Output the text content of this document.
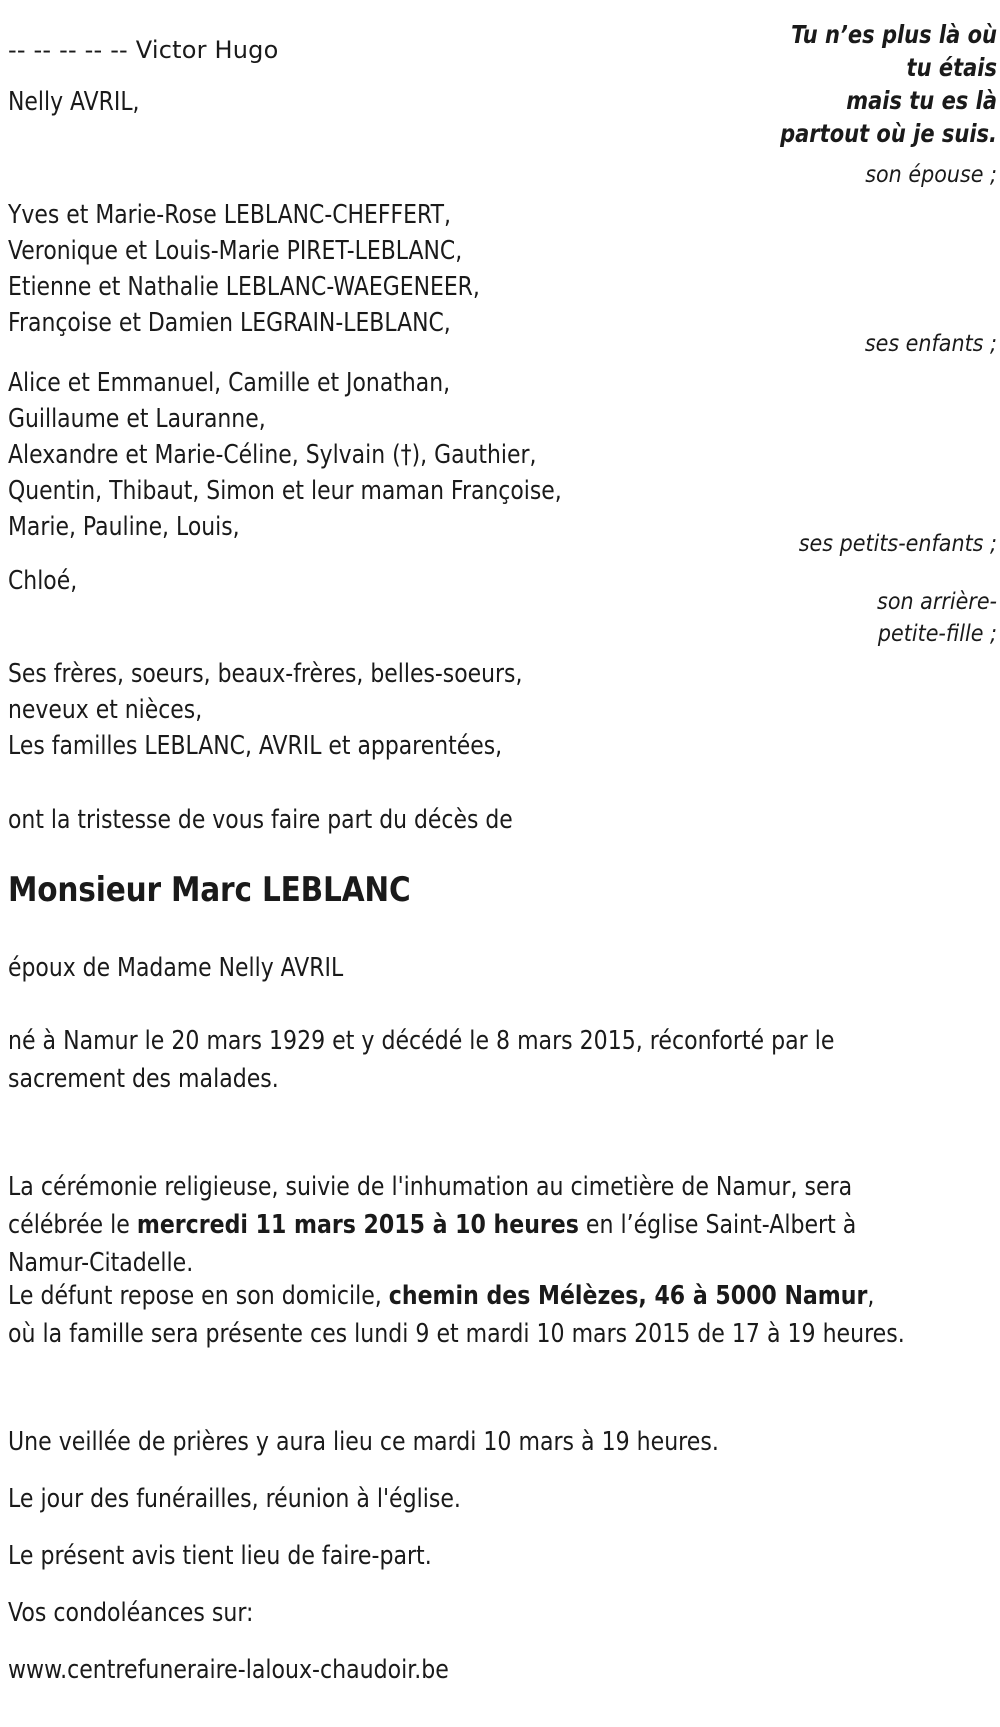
Tu n’es plus là où
tu étais
mais tu es là
partout où je suis.
-- -- -- -- -- Victor Hugo
Nelly AVRIL,
son épouse ;
Yves et Marie-Rose LEBLANC-CHEFFERT,
Veronique et Louis-Marie PIRET-LEBLANC,
Etienne et Nathalie LEBLANC-WAEGENEER,
Françoise et Damien LEGRAIN-LEBLANC,
ses enfants ;
Alice et Emmanuel, Camille et Jonathan,
Guillaume et Lauranne,
Alexandre et Marie-Céline, Sylvain (†), Gauthier,
Quentin, Thibaut, Simon et leur maman Françoise,
Marie, Pauline, Louis,
ses petits-enfants ;
Chloé,
son arrière-
petite-fille ;
Ses frères, soeurs, beaux-frères, belles-soeurs,
neveux et nièces,
Les familles LEBLANC, AVRIL et apparentées,
ont la tristesse de vous faire part du décès de
Monsieur Marc LEBLANC
époux de Madame Nelly AVRIL
né à Namur le 20 mars 1929 et y décédé le 8 mars 2015, réconforté par le sacrement des malades.
La cérémonie religieuse, suivie de l'inhumation au cimetière de Namur, sera célébrée le mercredi 11 mars 2015 à 10 heures en l’église Saint-Albert à Namur-Citadelle.
Le défunt repose en son domicile, chemin des Mélèzes, 46 à 5000 Namur, où la famille sera présente ces lundi 9 et mardi 10 mars 2015 de 17 à 19 heures.
Une veillée de prières y aura lieu ce mardi 10 mars à 19 heures.
Le jour des funérailles, réunion à l'église.
Le présent avis tient lieu de faire-part.
Vos condoléances sur:
www.centrefuneraire-laloux-chaudoir.be
